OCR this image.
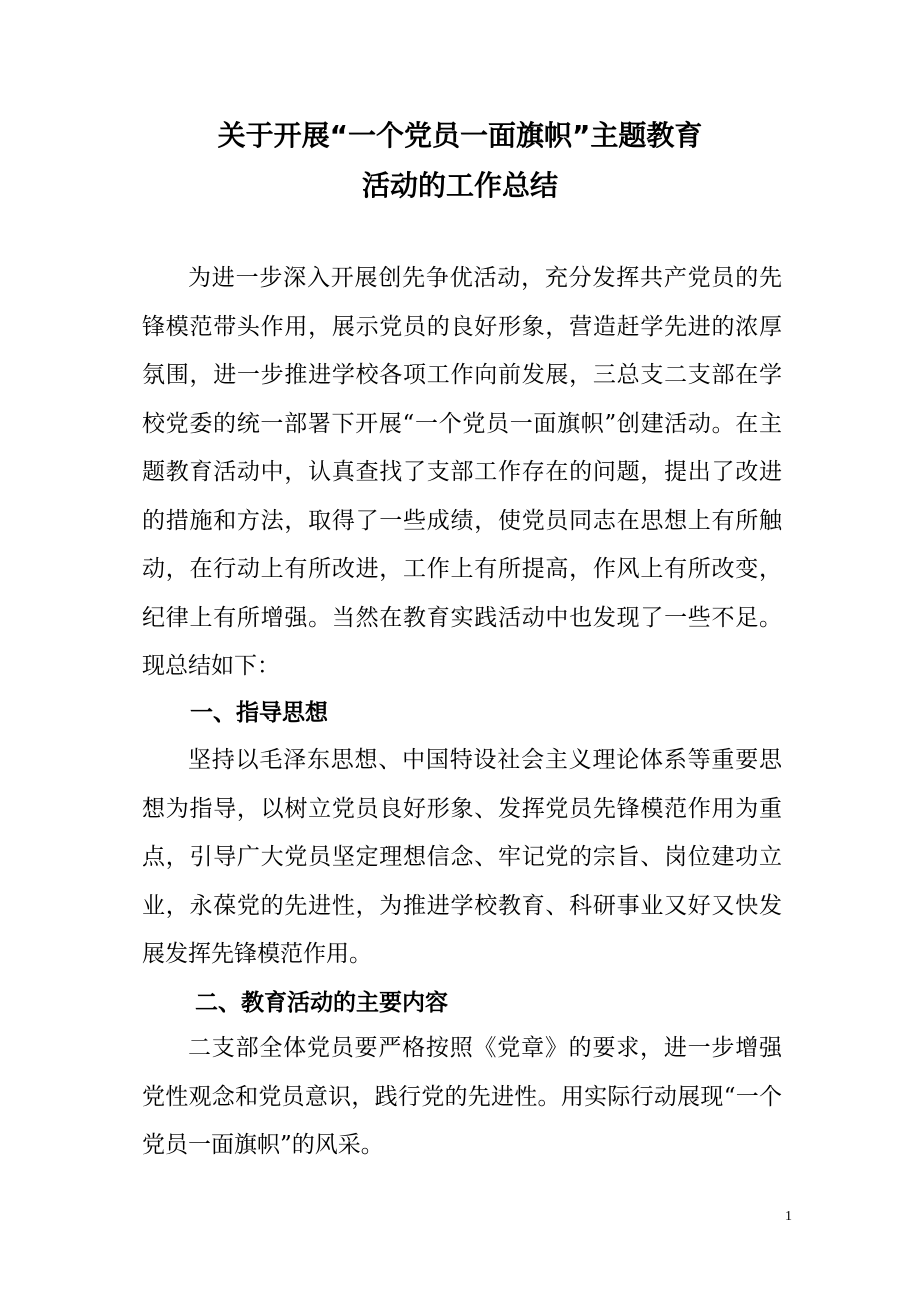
关于开展“一个党员一面旗帜”主题教育
活动的工作总结

为进一步深入开展创先争优活动，充分发挥共产党员的先锋模范带头作用，展示党员的良好形象，营造赶学先进的浓厚氛围，进一步推进学校各项工作向前发展，三总支二支部在学校党委的统一部署下开展“一个党员一面旗帜”创建活动。在主题教育活动中，认真查找了支部工作存在的问题，提出了改进的措施和方法，取得了一些成绩，使党员同志在思想上有所触动，在行动上有所改进，工作上有所提高，作风上有所改变，纪律上有所增强。当然在教育实践活动中也发现了一些不足。现总结如下：

一、指导思想

坚持以毛泽东思想、中国特设社会主义理论体系等重要思想为指导，以树立党员良好形象、发挥党员先锋模范作用为重点，引导广大党员坚定理想信念、牢记党的宗旨、岗位建功立业，永葆党的先进性，为推进学校教育、科研事业又好又快发展发挥先锋模范作用。

二、教育活动的主要内容

二支部全体党员要严格按照《党章》的要求，进一步增强党性观念和党员意识，践行党的先进性。用实际行动展现“一个党员一面旗帜”的风采。

1
